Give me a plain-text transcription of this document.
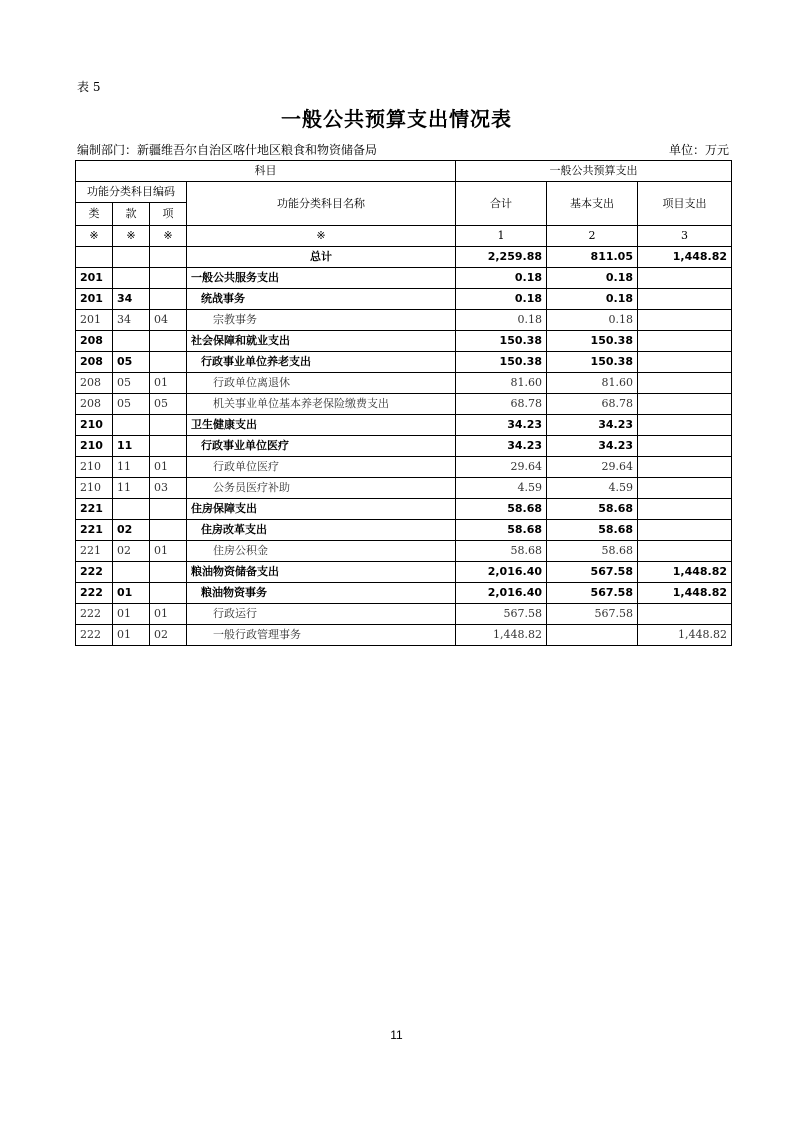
表 5
一般公共预算支出情况表
编制部门：新疆维吾尔自治区喀什地区粮食和物资储备局	单位：万元
科目				一般公共预算支出		
功能分类科目编码			功能分类科目名称	合计	基本支出	项目支出
类	款	项				
※	※	※	※	1	2	3
			总计	2,259.88	811.05	1,448.82
201			一般公共服务支出	0.18	0.18	
201	34		统战事务	0.18	0.18	
201	34	04	宗教事务	0.18	0.18	
208			社会保障和就业支出	150.38	150.38	
208	05		行政事业单位养老支出	150.38	150.38	
208	05	01	行政单位离退休	81.60	81.60	
208	05	05	机关事业单位基本养老保险缴费支出	68.78	68.78	
210			卫生健康支出	34.23	34.23	
210	11		行政事业单位医疗	34.23	34.23	
210	11	01	行政单位医疗	29.64	29.64	
210	11	03	公务员医疗补助	4.59	4.59	
221			住房保障支出	58.68	58.68	
221	02		住房改革支出	58.68	58.68	
221	02	01	住房公积金	58.68	58.68	
222			粮油物资储备支出	2,016.40	567.58	1,448.82
222	01		粮油物资事务	2,016.40	567.58	1,448.82
222	01	01	行政运行	567.58	567.58	
222	01	02	一般行政管理事务	1,448.82		1,448.82
11
